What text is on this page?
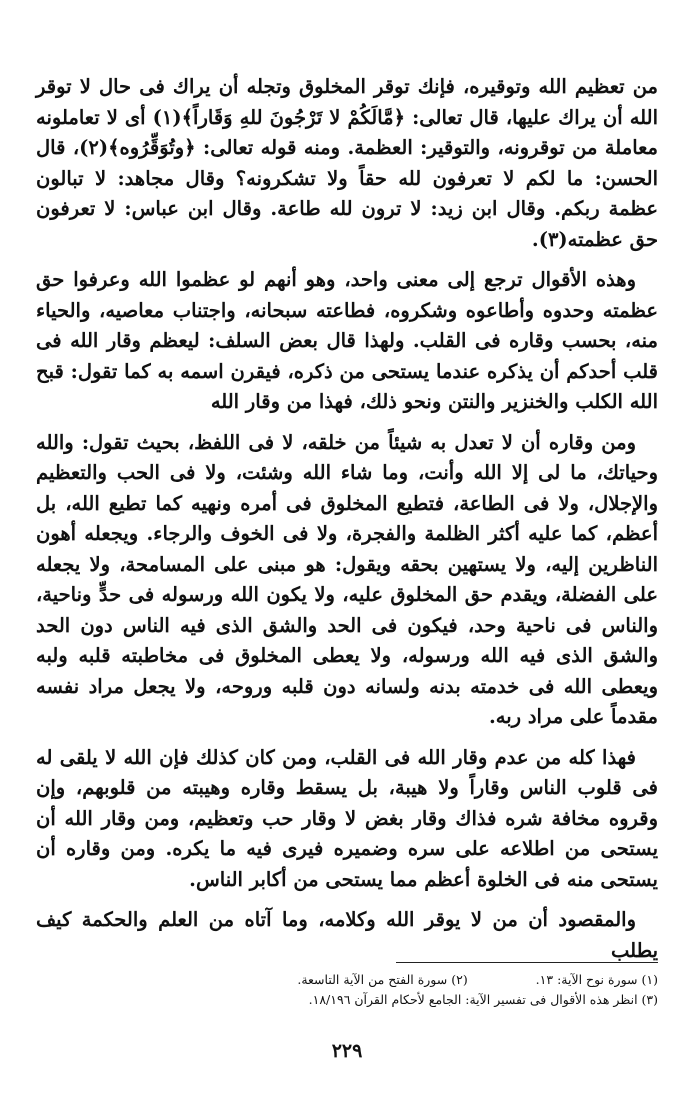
من تعظيم الله وتوقيره، فإنك توقر المخلوق وتجله أن يراك فى حال لا توقر الله أن يراك عليها، قال تعالى: ﴿مَّالَكُمْ لا تَرْجُونَ للهِ وَقَاراً﴾(١) أى لا تعاملونه معاملة من توقرونه، والتوقير: العظمة. ومنه قوله تعالى: ﴿وتُوَقِّرُوه﴾(٢)، قال الحسن: ما لكم لا تعرفون لله حقاً ولا تشكرونه؟ وقال مجاهد: لا تبالون عظمة ربكم. وقال ابن زيد: لا ترون لله طاعة. وقال ابن عباس: لا تعرفون حق عظمته(٣).

وهذه الأقوال ترجع إلى معنى واحد، وهو أنهم لو عظموا الله وعرفوا حق عظمته وحدوه وأطاعوه وشكروه، فطاعته سبحانه، واجتناب معاصيه، والحياء منه، بحسب وقاره فى القلب. ولهذا قال بعض السلف: ليعظم وقار الله فى قلب أحدكم أن يذكره عندما يستحى من ذكره، فيقرن اسمه به كما تقول: قبح الله الكلب والخنزير والنتن ونحو ذلك، فهذا من وقار الله

ومن وقاره أن لا تعدل به شيئاً من خلقه، لا فى اللفظ، بحيث تقول: والله وحياتك، ما لى إلا الله وأنت، وما شاء الله وشئت، ولا فى الحب والتعظيم والإجلال، ولا فى الطاعة، فتطيع المخلوق فى أمره ونهيه كما تطيع الله، بل أعظم، كما عليه أكثر الظلمة والفجرة، ولا فى الخوف والرجاء. ويجعله أهون الناظرين إليه، ولا يستهين بحقه ويقول: هو مبنى على المسامحة، ولا يجعله على الفضلة، ويقدم حق المخلوق عليه، ولا يكون الله ورسوله فى حدٍّ وناحية، والناس فى ناحية وحد، فيكون فى الحد والشق الذى فيه الناس دون الحد والشق الذى فيه الله ورسوله، ولا يعطى المخلوق فى مخاطبته قلبه ولبه ويعطى الله فى خدمته بدنه ولسانه دون قلبه وروحه، ولا يجعل مراد نفسه مقدماً على مراد ربه.

فهذا كله من عدم وقار الله فى القلب، ومن كان كذلك فإن الله لا يلقى له فى قلوب الناس وقاراً ولا هيبة، بل يسقط وقاره وهيبته من قلوبهم، وإن وقروه مخافة شره فذاك وقار بغض لا وقار حب وتعظيم، ومن وقار الله أن يستحى من اطلاعه على سره وضميره فيرى فيه ما يكره. ومن وقاره أن يستحى منه فى الخلوة أعظم مما يستحى من أكابر الناس.

والمقصود أن من لا يوقر الله وكلامه، وما آتاه من العلم والحكمة كيف يطلب

(١) سورة نوح الآية: ١٣.  (٢) سورة الفتح من الآية التاسعة.
(٣) انظر هذه الأقوال فى تفسير الآية: الجامع لأحكام القرآن ١٨/١٩٦.
٢٢٩
